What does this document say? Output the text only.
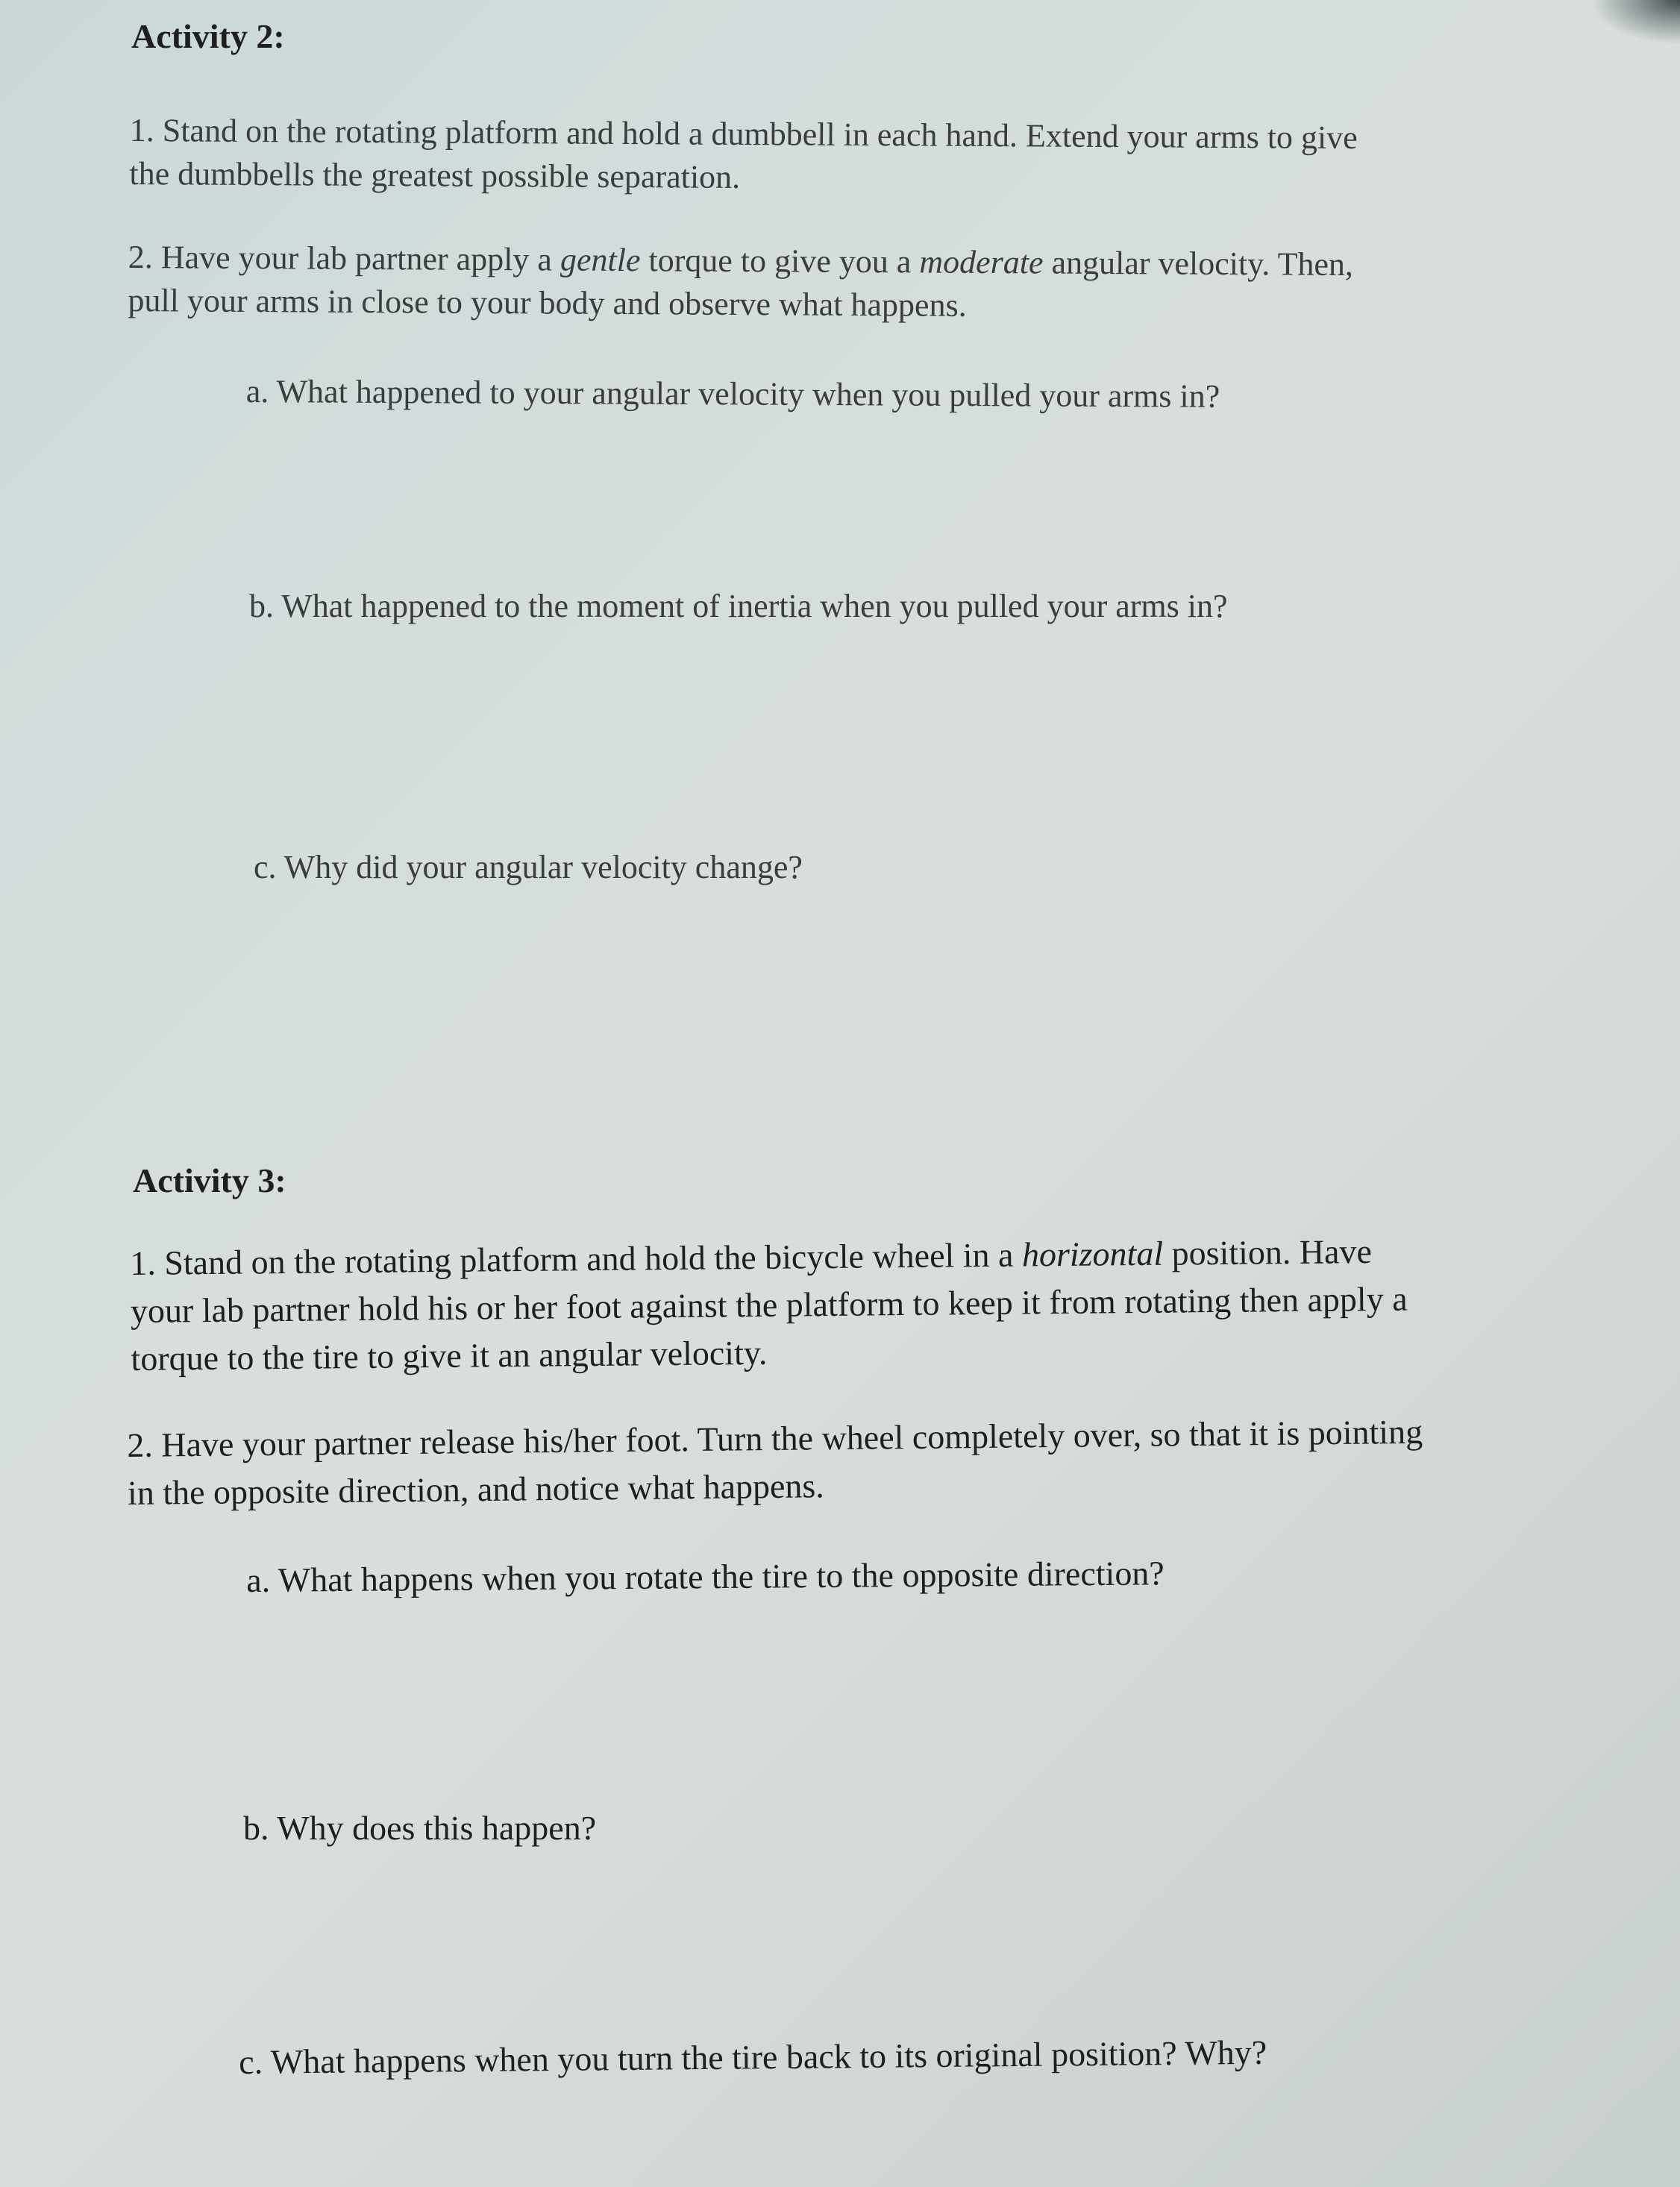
Activity 2:
1. Stand on the rotating platform and hold a dumbbell in each hand. Extend your arms to give
the dumbbells the greatest possible separation.
2. Have your lab partner apply a gentle torque to give you a moderate angular velocity. Then,
pull your arms in close to your body and observe what happens.
a. What happened to your angular velocity when you pulled your arms in?
b. What happened to the moment of inertia when you pulled your arms in?
c. Why did your angular velocity change?
Activity 3:
1. Stand on the rotating platform and hold the bicycle wheel in a horizontal position. Have
your lab partner hold his or her foot against the platform to keep it from rotating then apply a
torque to the tire to give it an angular velocity.
2. Have your partner release his/her foot. Turn the wheel completely over, so that it is pointing
in the opposite direction, and notice what happens.
a. What happens when you rotate the tire to the opposite direction?
b. Why does this happen?
c. What happens when you turn the tire back to its original position? Why?
